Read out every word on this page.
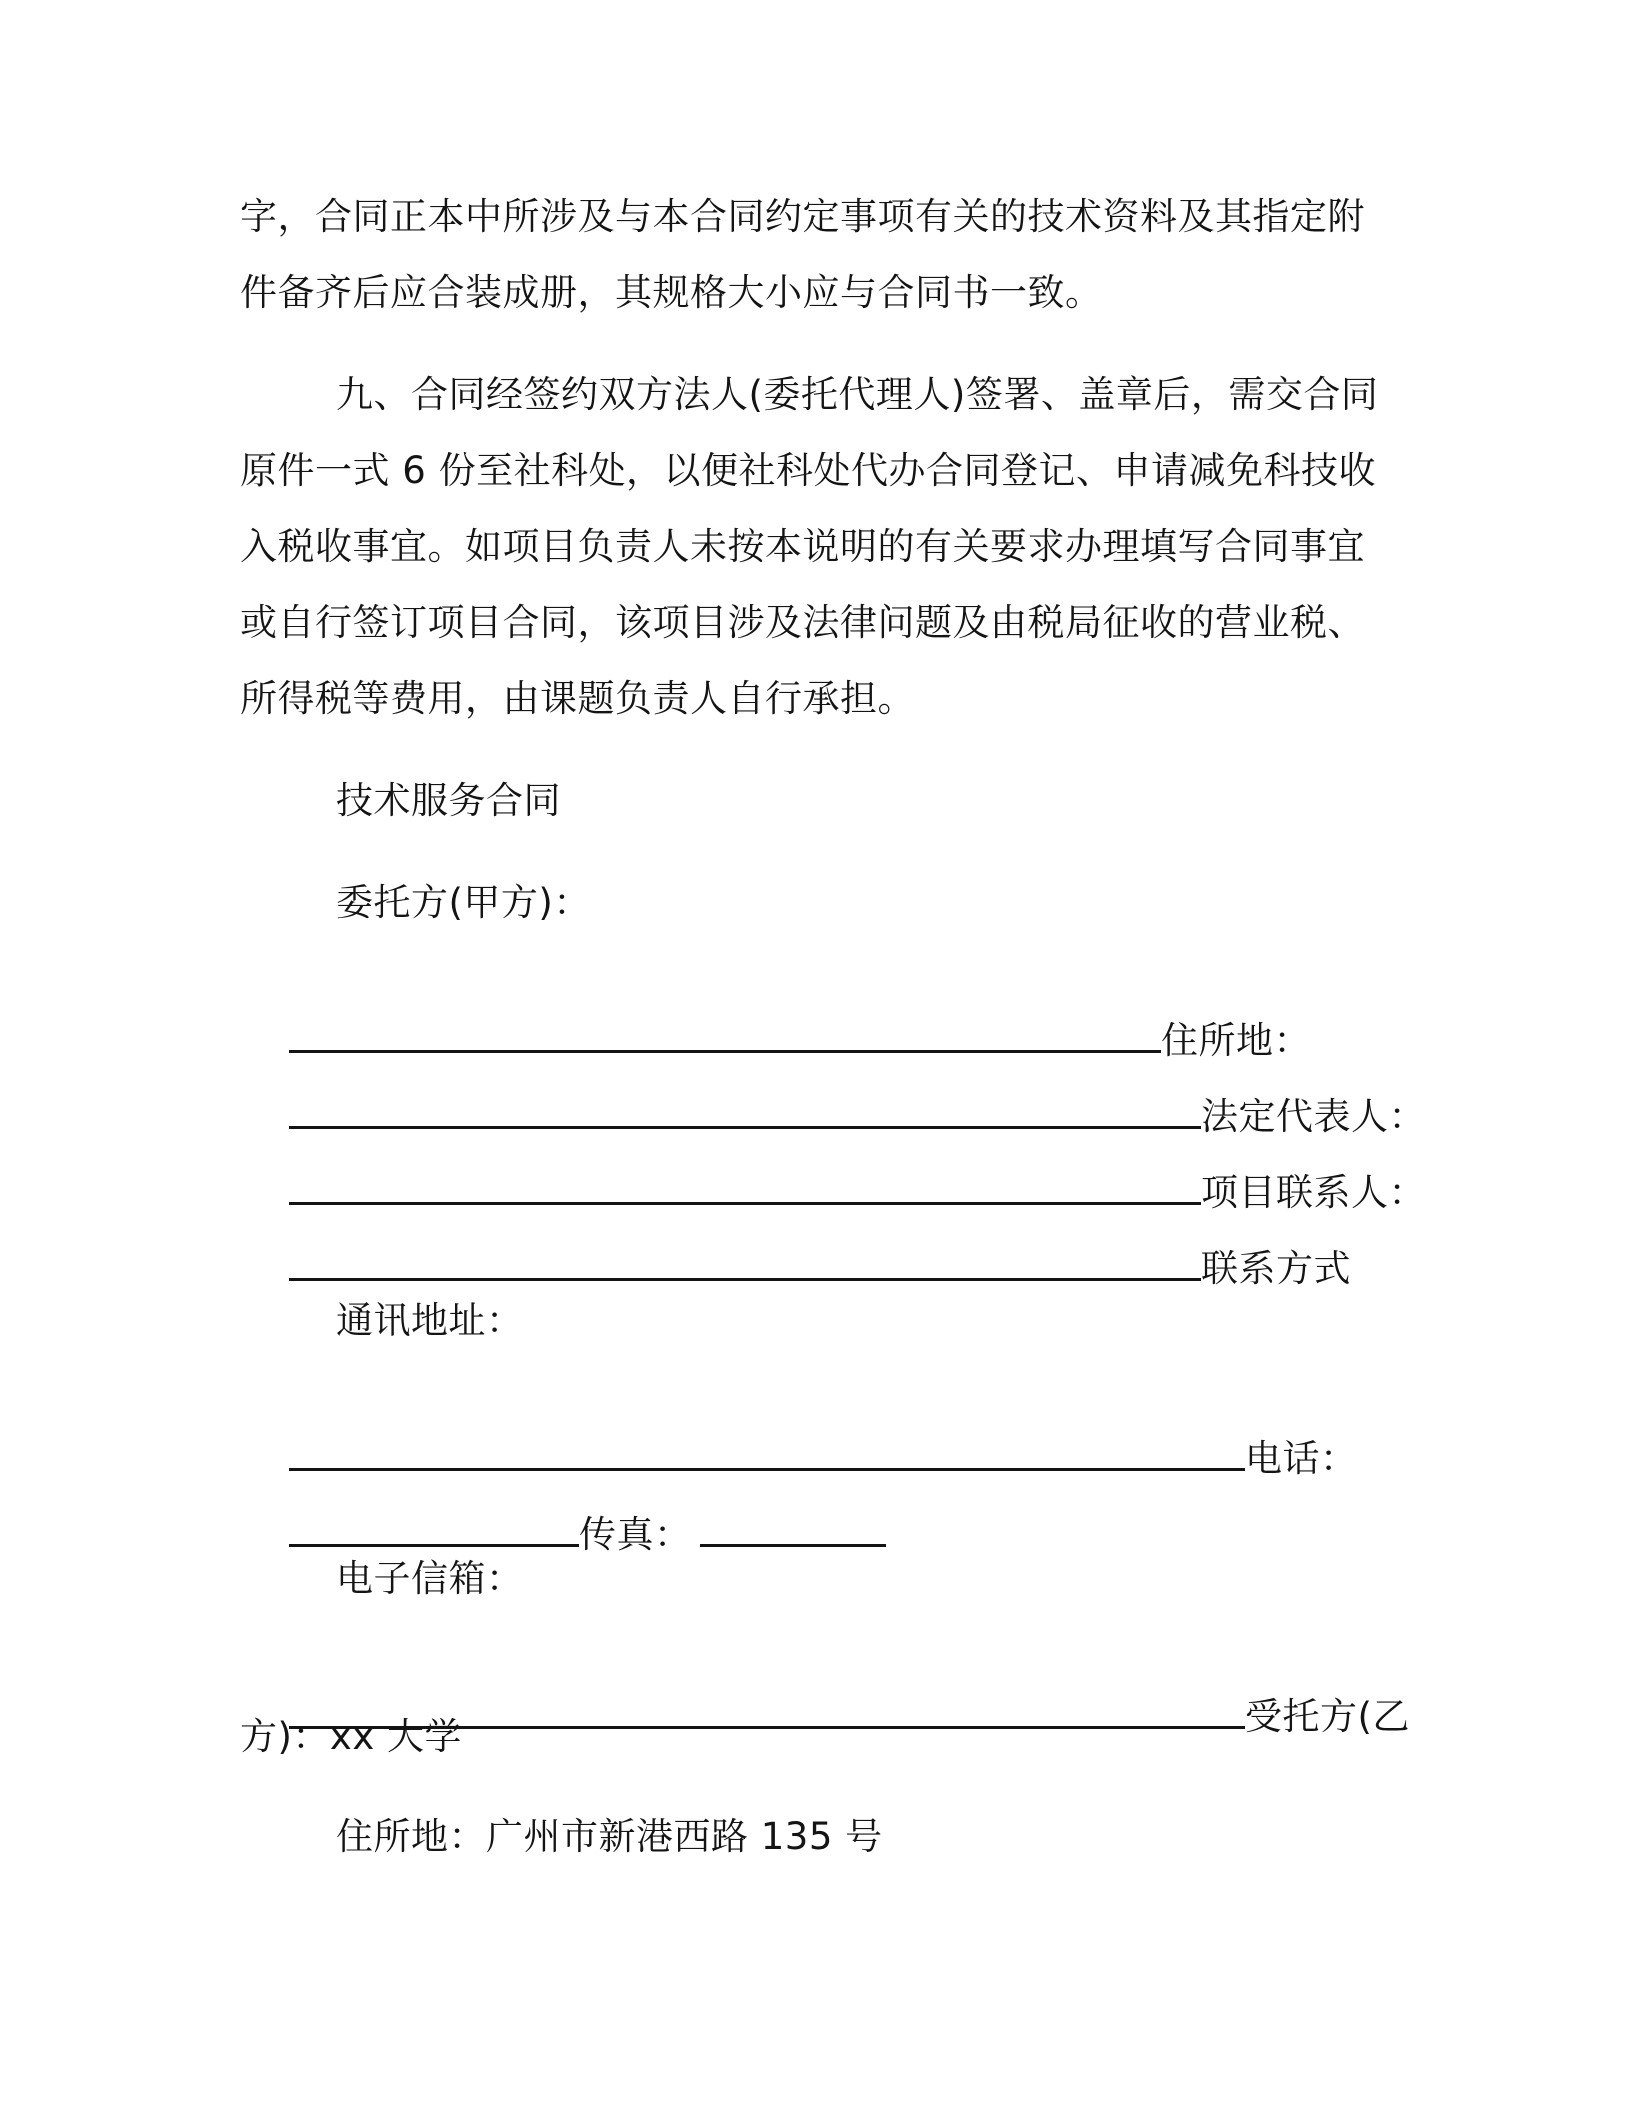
字，合同正本中所涉及与本合同约定事项有关的技术资料及其指定附
件备齐后应合装成册，其规格大小应与合同书一致。
九、合同经签约双方法人(委托代理人)签署、盖章后，需交合同
原件一式 6 份至社科处，以便社科处代办合同登记、申请减免科技收
入税收事宜。如项目负责人未按本说明的有关要求办理填写合同事宜
或自行签订项目合同，该项目涉及法律问题及由税局征收的营业税、
所得税等费用，由课题负责人自行承担。
技术服务合同
委托方(甲方)：

住所地：

法定代表人：

项目联系人：

联系方式

通讯地址：

电话：

传真：

电子信箱：

受托方(乙

方)：xx 大学
住所地：广州市新港西路 135 号
